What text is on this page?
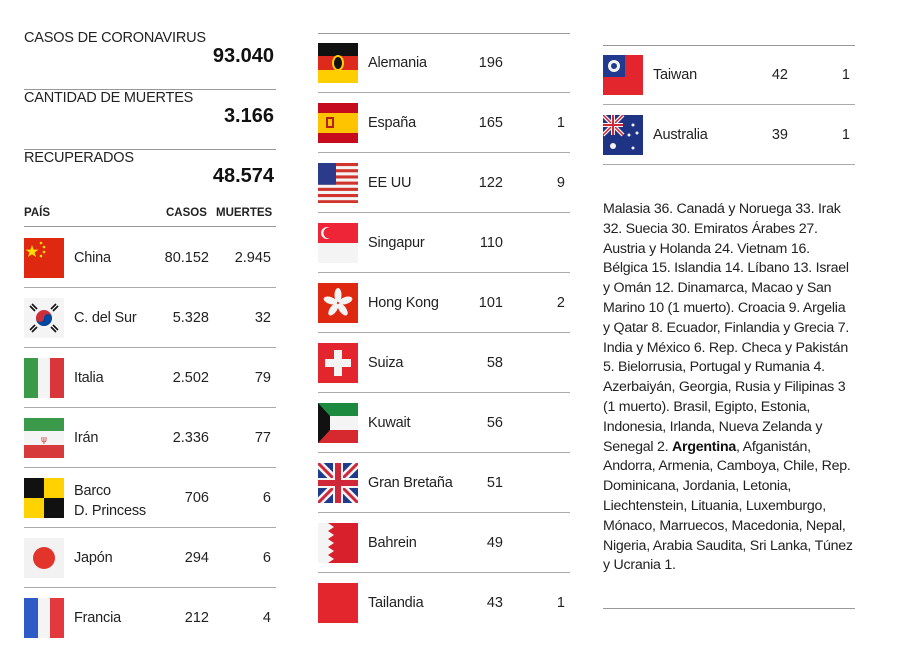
CASOS DE CORONAVIRUS
93.040
CANTIDAD DE MUERTES
3.166
RECUPERADOS
48.574
PAÍS	CASOS MUERTES
China	80.152 2.945
C. del Sur	5.328	32
Italia	2.502	79
ψ Irán	2.336	77
Barco
D. Princess
706	6
Japón	294	6
Francia	212	4
Alemania	196
España	165	1
EE UU	122	9
Singapur	110
Hong Kong	101	2
Suiza	58
Kuwait	56
Gran Bretaña	51
Bahrein	49
Tailandia	43	1
Taiwan	42	1
Australia	39	1

Malasia 36. Canadá y Noruega 33. Irak 32. Suecia 30. Emiratos Árabes 27. Austria y Holanda 24. Vietnam 16. Bélgica 15. Islandia 14. Líbano 13. Israel y Omán 12. Dinamarca, Macao y San Marino 10 (1 muerto). Croacia 9. Argelia y Qatar 8. Ecuador, Finlandia y Grecia 7. India y México 6. Rep. Checa y Pakistán 5. Bielorrusia, Portugal y Rumania 4. Azerbaiyán, Georgia, Rusia y Filipinas 3 (1 muerto). Brasil, Egipto, Estonia, Indonesia, Irlanda, Nueva Zelanda y Senegal 2. Argentina, Afganistán, Andorra, Armenia, Camboya, Chile, Rep. Dominicana, Jordania, Letonia, Liechtenstein, Lituania, Luxemburgo, Mónaco, Marruecos, Macedonia, Nepal, Nigeria, Arabia Saudita, Sri Lanka, Túnez y Ucrania 1.
